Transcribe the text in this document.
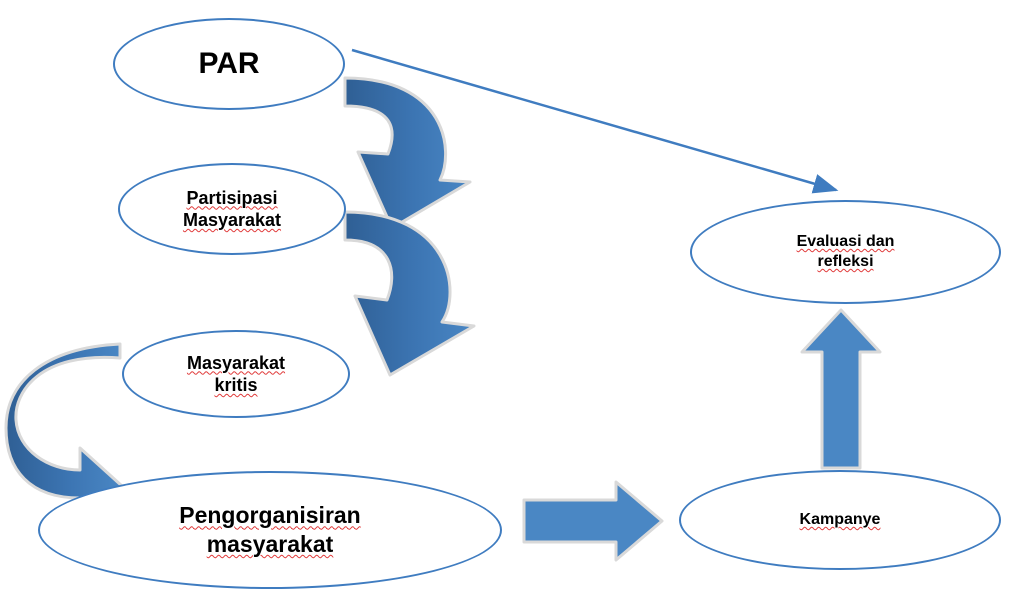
PAR
Partisipasi
Masyarakat
Masyarakat
kritis
Pengorganisiran
masyarakat
Kampanye
Evaluasi dan
refleksi
